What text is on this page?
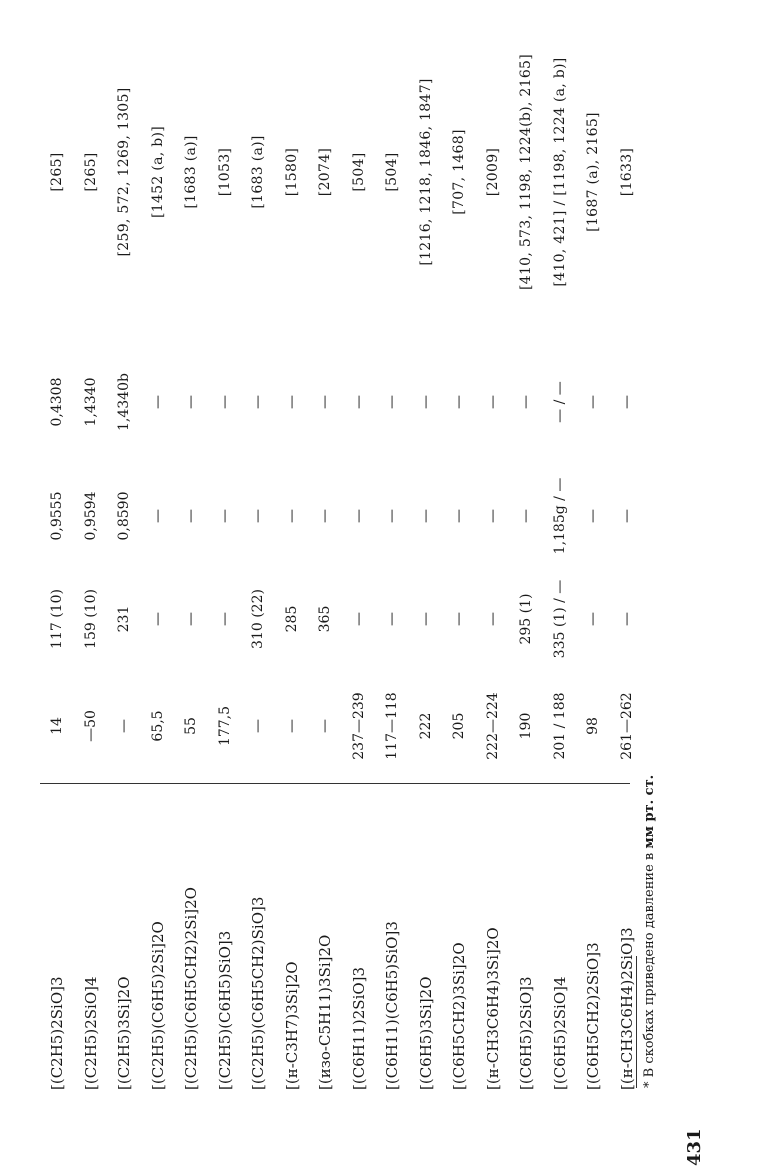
[(C2H5)2SiO]3
14
117 (10)
0,9555
0,4308
[265]
[(C2H5)2SiO]4
—50
159 (10)
0,9594
1,4340
[265]
[(C2H5)3Si]2O
—
231
0,8590
1,4340b
[259, 572, 1269, 1305]
[(C2H5)(C6H5)2Si]2O
65,5
—
—
—
[1452 (a, b)]
[(C2H5)(C6H5CH2)2Si]2O
55
—
—
—
[1683 (a)]
[(C2H5)(C6H5)SiO]3
177,5
—
—
—
[1053]
[(C2H5)(C6H5CH2)SiO]3
—
310 (22)
—
—
[1683 (a)]
[(н-C3H7)3Si]2O
—
285
—
—
[1580]
[(изо-C5H11)3Si]2O
—
365
—
—
[2074]
[(C6H11)2SiO]3
237—239
—
—
—
[504]
[(C6H11)(C6H5)SiO]3
117—118
—
—
—
[504]
[(C6H5)3Si]2O
222
—
—
—
[1216, 1218, 1846, 1847]
[(C6H5CH2)3Si]2O
205
—
—
—
[707, 1468]
[(н-CH3C6H4)3Si]2O
222—224
—
—
—
[2009]
[(C6H5)2SiO]3
190
295 (1)
—
—
[410, 573, 1198, 1224(b), 2165]
[(C6H5)2SiO]4
201 / 188
335 (1) / —
1,185g / —
— / —
[410, 421] / [1198, 1224 (a, b)]
[(C6H5CH2)2SiO]3
98
—
—
—
[1687 (a), 2165]
[(н-CH3C6H4)2SiO]3
261—262
—
—
—
[1633]
* В скобках приведено давление в мм рт. ст.
431
